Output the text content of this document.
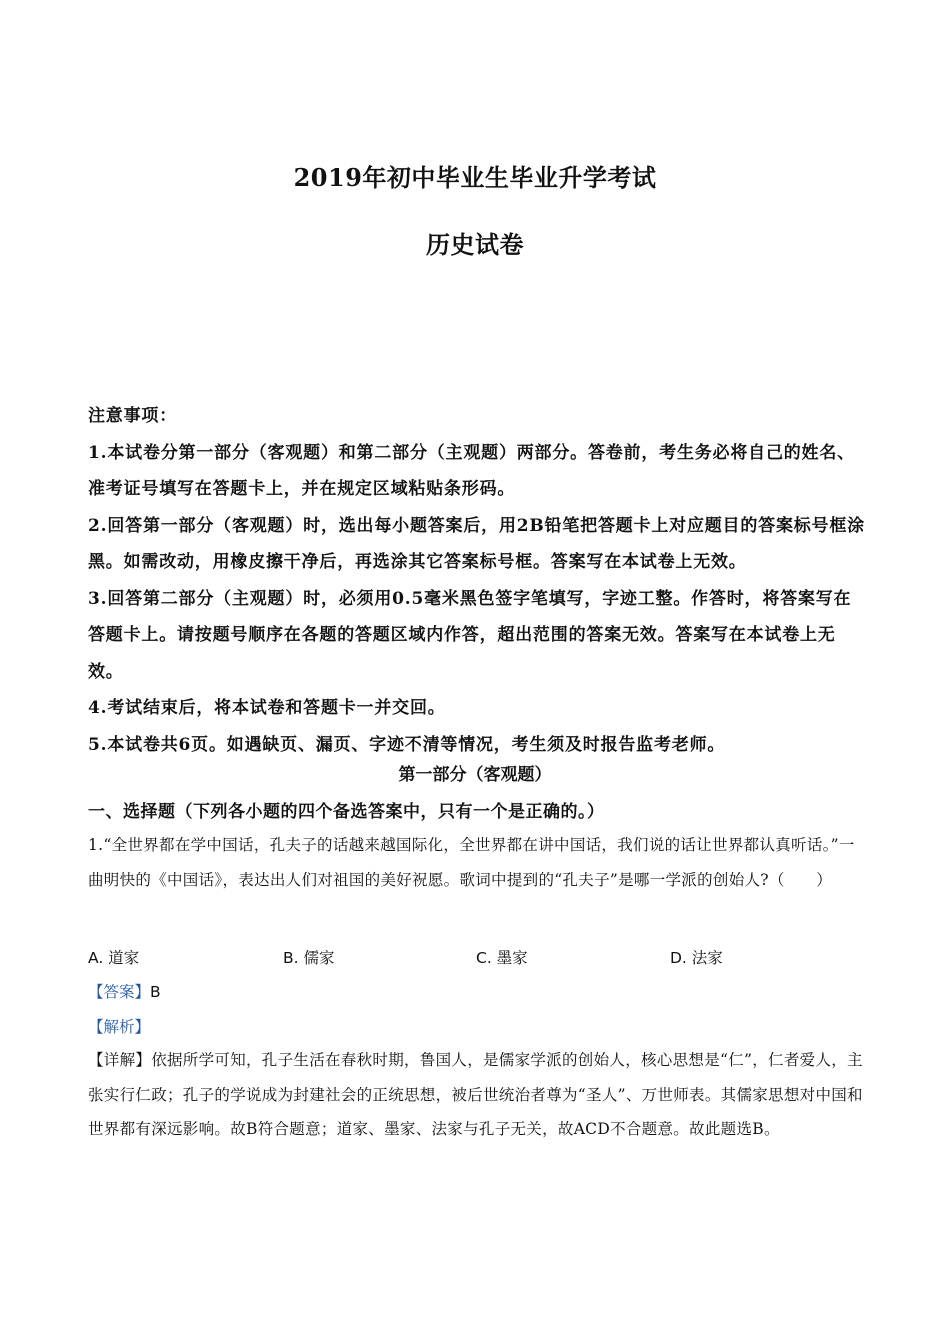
2019年初中毕业生毕业升学考试
历史试卷
注意事项：
1.本试卷分第一部分（客观题）和第二部分（主观题）两部分。答卷前，考生务必将自己的姓名、准考证号填写在答题卡上，并在规定区域粘贴条形码。
2.回答第一部分（客观题）时，选出每小题答案后，用2B铅笔把答题卡上对应题目的答案标号框涂黑。如需改动，用橡皮擦干净后，再选涂其它答案标号框。答案写在本试卷上无效。
3.回答第二部分（主观题）时，必须用0.5毫米黑色签字笔填写，字迹工整。作答时，将答案写在答题卡上。请按题号顺序在各题的答题区域内作答，超出范围的答案无效。答案写在本试卷上无效。
4.考试结束后，将本试卷和答题卡一并交回。
5.本试卷共6页。如遇缺页、漏页、字迹不清等情况，考生须及时报告监考老师。
第一部分（客观题）
一、选择题（下列各小题的四个备选答案中，只有一个是正确的。）
1.“全世界都在学中国话，孔夫子的话越来越国际化，全世界都在讲中国话，我们说的话让世界都认真听话。”一曲明快的《中国话》，表达出人们对祖国的美好祝愿。歌词中提到的“孔夫子”是哪一学派的创始人?（　　）
A. 道家	B. 儒家	C. 墨家	D. 法家
【答案】B
【解析】
【详解】依据所学可知，孔子生活在春秋时期，鲁国人，是儒家学派的创始人，核心思想是“仁”，仁者爱人，主张实行仁政；孔子的学说成为封建社会的正统思想，被后世统治者尊为“圣人”、万世师表。其儒家思想对中国和世界都有深远影响。故B符合题意；道家、墨家、法家与孔子无关，故ACD不合题意。故此题选B。
